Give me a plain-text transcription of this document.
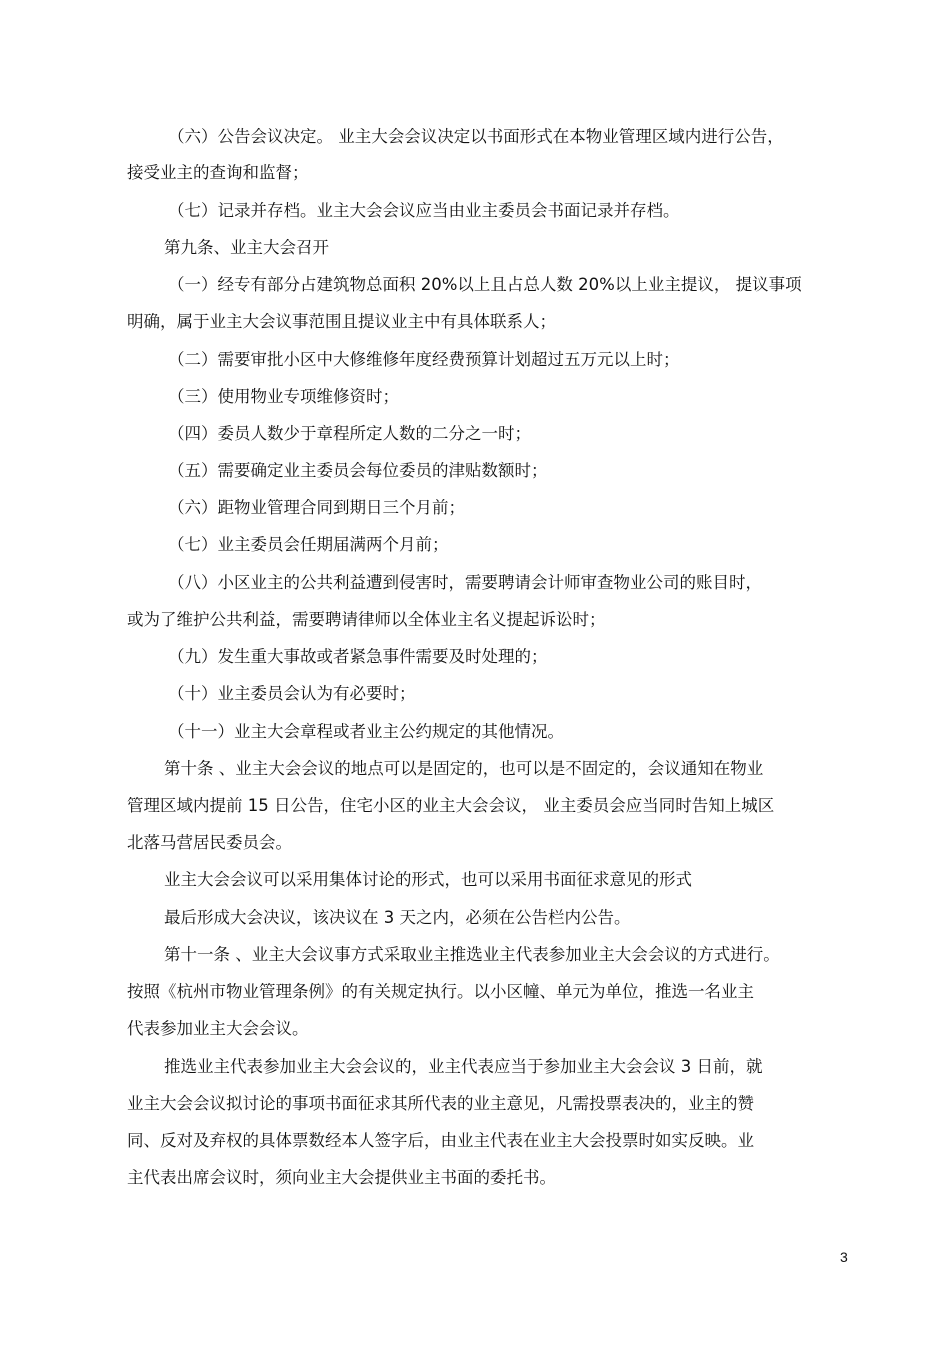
（六）公告会议决定。 业主大会会议决定以书面形式在本物业管理区域内进行公告，
接受业主的查询和监督；
（七）记录并存档。业主大会会议应当由业主委员会书面记录并存档。
第九条、业主大会召开
（一）经专有部分占建筑物总面积 20%以上且占总人数 20%以上业主提议， 提议事项
明确，属于业主大会议事范围且提议业主中有具体联系人；
（二）需要审批小区中大修维修年度经费预算计划超过五万元以上时；
（三）使用物业专项维修资时；
（四）委员人数少于章程所定人数的二分之一时；
（五）需要确定业主委员会每位委员的津贴数额时；
（六）距物业管理合同到期日三个月前；
（七）业主委员会任期届满两个月前；
（八）小区业主的公共利益遭到侵害时，需要聘请会计师审查物业公司的账目时，
或为了维护公共利益，需要聘请律师以全体业主名义提起诉讼时；
（九）发生重大事故或者紧急事件需要及时处理的；
（十）业主委员会认为有必要时；
（十一）业主大会章程或者业主公约规定的其他情况。
第十条 、业主大会会议的地点可以是固定的，也可以是不固定的，会议通知在物业
管理区域内提前 15 日公告，住宅小区的业主大会会议， 业主委员会应当同时告知上城区
北落马营居民委员会。
业主大会会议可以采用集体讨论的形式，也可以采用书面征求意见的形式
最后形成大会决议，该决议在 3 天之内，必须在公告栏内公告。
第十一条 、业主大会议事方式采取业主推选业主代表参加业主大会会议的方式进行。
按照《杭州市物业管理条例》的有关规定执行。以小区幢、单元为单位，推选一名业主
代表参加业主大会会议。
推选业主代表参加业主大会会议的，业主代表应当于参加业主大会会议 3 日前，就
业主大会会议拟讨论的事项书面征求其所代表的业主意见，凡需投票表决的，业主的赞
同、反对及弃权的具体票数经本人签字后，由业主代表在业主大会投票时如实反映。业
主代表出席会议时，须向业主大会提供业主书面的委托书。
3
